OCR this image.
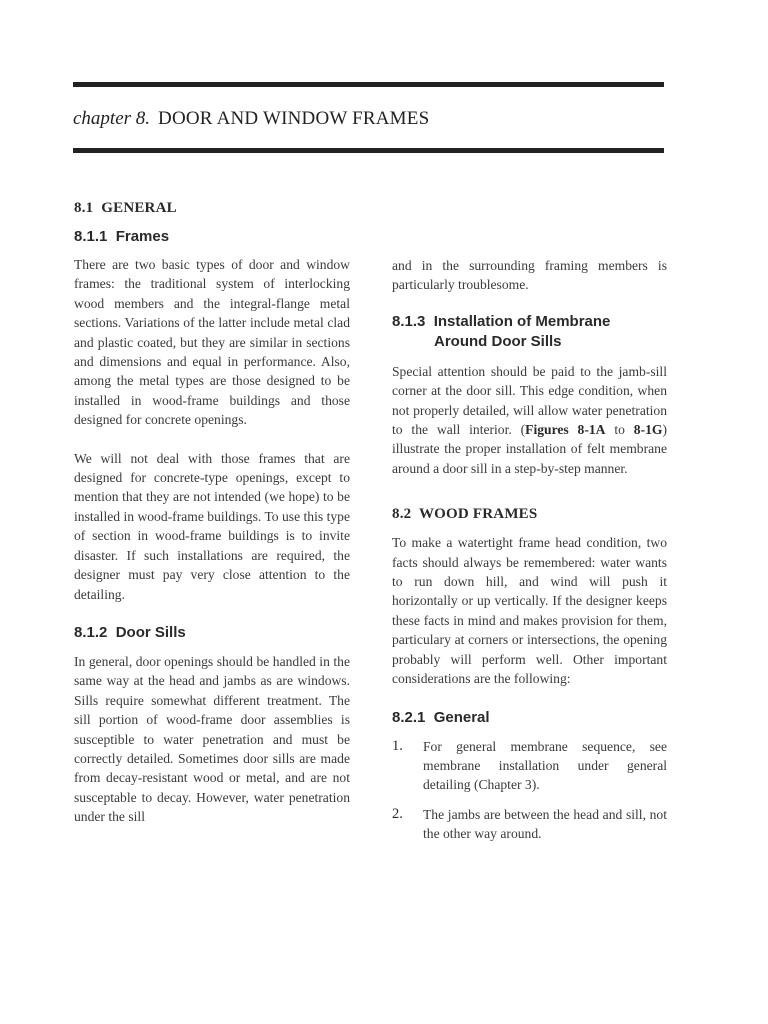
chapter 8. DOOR AND WINDOW FRAMES
8.1  GENERAL
8.1.1  Frames

There are two basic types of door and window frames: the traditional system of interlocking wood members and the integral-flange metal sections. Variations of the latter include metal clad and plastic coated, but they are similar in sections and dimensions and equal in performance. Also, among the metal types are those designed to be installed in wood-frame buildings and those designed for concrete openings.

We will not deal with those frames that are designed for concrete-type openings, except to mention that they are not intended (we hope) to be installed in wood-frame buildings. To use this type of section in wood-frame buildings is to invite disaster. If such installations are required, the designer must pay very close attention to the detailing.

8.1.2  Door Sills

In general, door openings should be handled in the same way at the head and jambs as are windows. Sills require somewhat different treatment. The sill portion of wood-frame door assemblies is susceptible to water penetration and must be correctly detailed. Sometimes door sills are made from decay-resistant wood or metal, and are not susceptable to decay. However, water penetration under the sill

and in the surrounding framing members is particularly troublesome.

8.1.3  Installation of Membrane Around Door Sills

Special attention should be paid to the jamb-sill corner at the door sill. This edge condition, when not properly detailed, will allow water penetration to the wall interior. (Figures 8-1A to 8-1G) illustrate the proper installation of felt membrane around a door sill in a step-by-step manner.

8.2  WOOD FRAMES

To make a watertight frame head condition, two facts should always be remembered: water wants to run down hill, and wind will push it horizontally or up vertically. If the designer keeps these facts in mind and makes provision for them, particulary at corners or intersections, the opening probably will perform well. Other important considerations are the following:

8.2.1  General
1. For general membrane sequence, see membrane installation under general detailing (Chapter 3).
2. The jambs are between the head and sill, not the other way around.
